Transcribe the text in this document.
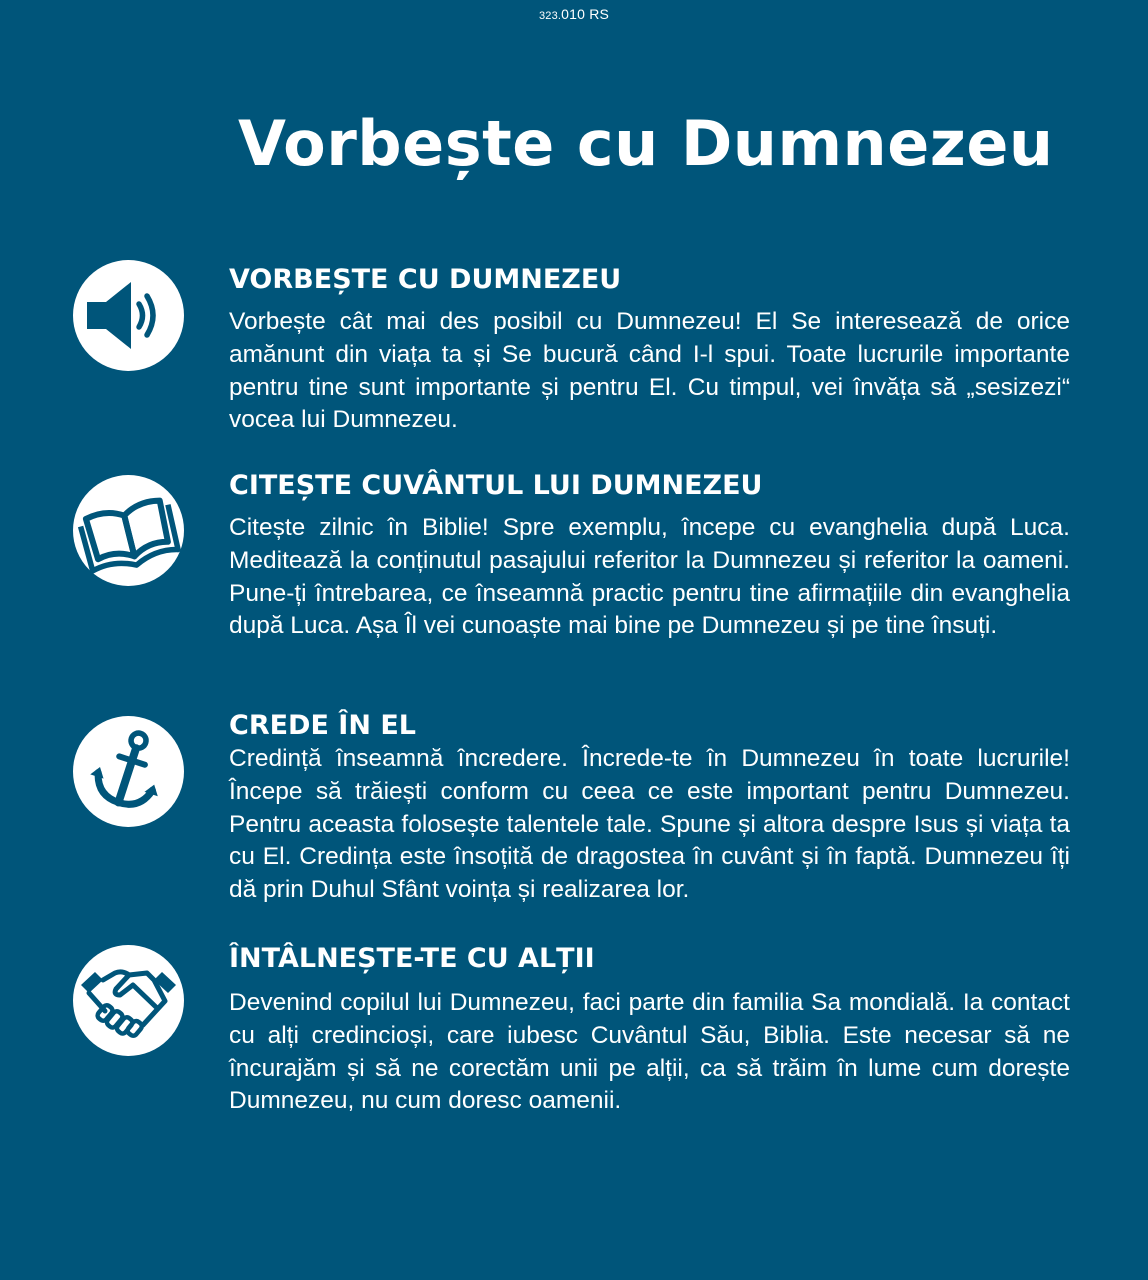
323.010 RS
Vorbește cu Dumnezeu
VORBEȘTE CU DUMNEZEU

Vorbește cât mai des posibil cu Dumnezeu! El Se interesează de orice amănunt din viața ta și Se bucură când I-l spui. Toate lucrurile importante pentru tine sunt importante și pentru El. Cu timpul, vei învăța să „sesizezi“ vocea lui Dumnezeu.

CITEȘTE CUVÂNTUL LUI DUMNEZEU

Citește zilnic în Biblie! Spre exemplu, începe cu evanghelia după Luca. Meditează la conținutul pasajului referitor la Dumnezeu și referitor la oameni. Pune-ți întrebarea, ce înseamnă practic pentru tine afirmațiile din evanghelia după Luca. Așa Îl vei cunoaște mai bine pe Dumnezeu și pe tine însuți.

CREDE ÎN EL

Credință înseamnă încredere. Încrede-te în Dumnezeu în toate lucrurile! Începe să trăiești conform cu ceea ce este important pentru Dumnezeu. Pentru aceasta folosește talentele tale. Spune și altora despre Isus și viața ta cu El. Credința este însoțită de dragostea în cuvânt și în faptă. Dumnezeu îți dă prin Duhul Sfânt voința și realizarea lor.

ÎNTÂLNEȘTE-TE CU ALȚII

Devenind copilul lui Dumnezeu, faci parte din familia Sa mondială. Ia contact cu alți credincioși, care iubesc Cuvântul Său, Biblia. Este necesar să ne încurajăm și să ne corectăm unii pe alții, ca să trăim în lume cum dorește Dumnezeu, nu cum doresc oamenii.
